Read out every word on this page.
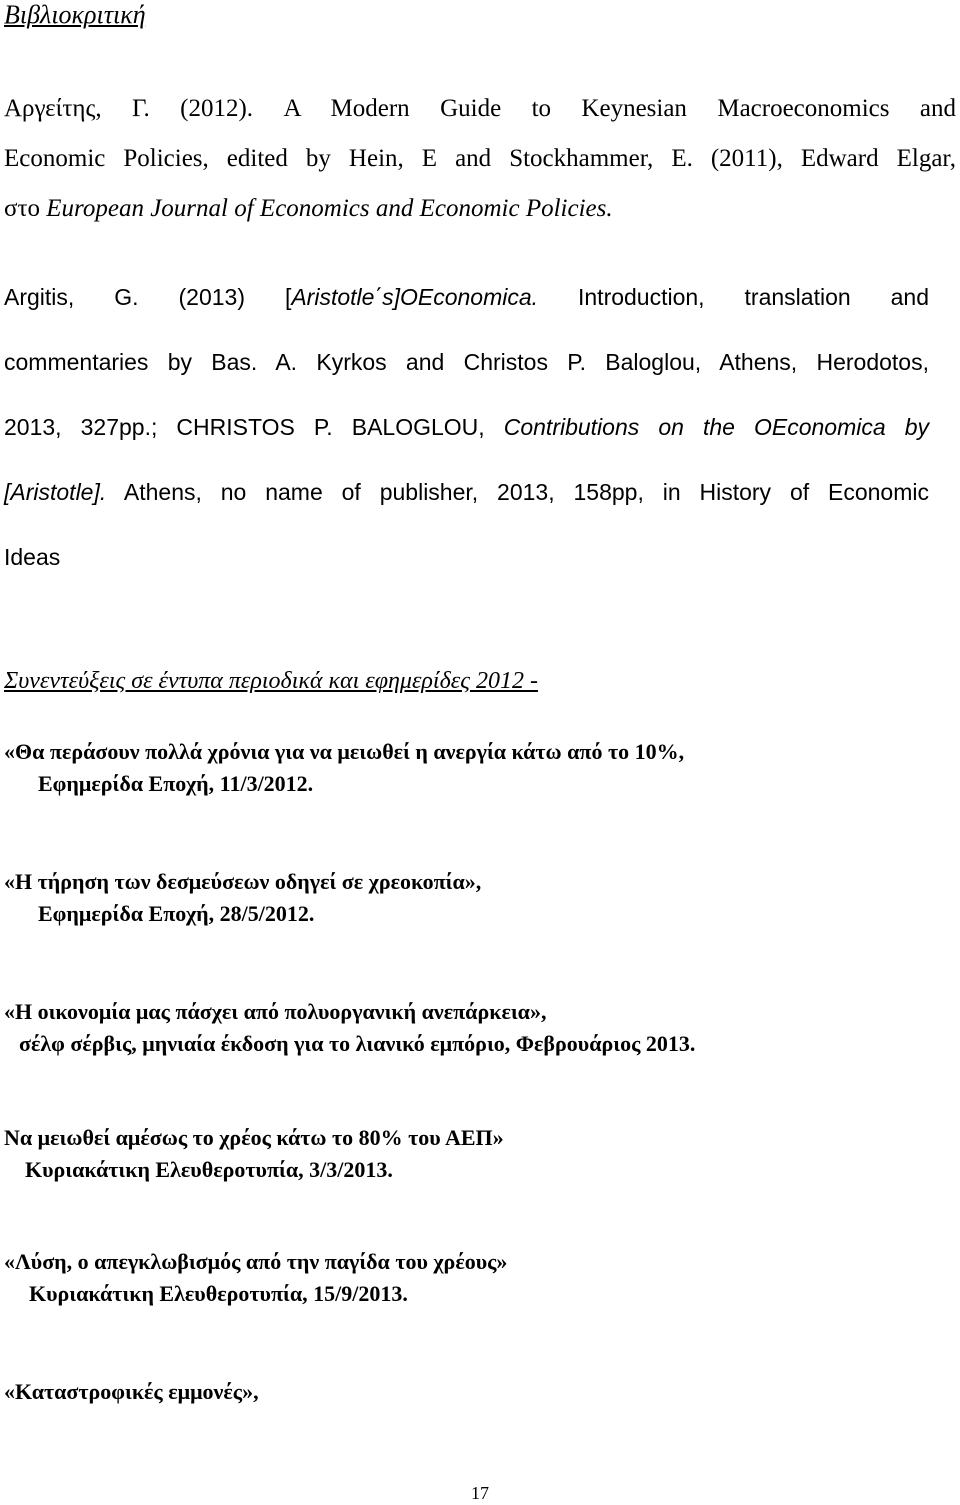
Βιβλιοκριτική
Αργείτης, Γ. (2012). A Modern Guide to Keynesian Macroeconomics and
Economic Policies, edited by Hein, E and Stockhammer, E. (2011), Edward Elgar,
στο European Journal of Economics and Economic Policies.
Argitis, G. (2013) [Aristotle΄s]OEconomica. Introduction, translation and
commentaries by Bas. A. Kyrkos and Christos P. Baloglou, Athens, Herodotos,
2013, 327pp.; CHRISTOS P. BALOGLOU, Contributions on the OEconomica by
[Aristotle]. Athens, no name of publisher, 2013, 158pp, in History of Economic
Ideas
Συνεντεύξεις σε έντυπα περιοδικά και εφημερίδες 2012 -
«Θα περάσουν πολλά χρόνια για να μειωθεί η ανεργία κάτω από το 10%,
Εφημερίδα Εποχή, 11/3/2012.
«Η τήρηση των δεσμεύσεων οδηγεί σε χρεοκοπία»,
Εφημερίδα Εποχή, 28/5/2012.
«Η οικονομία μας πάσχει από πολυοργανική ανεπάρκεια»,
σέλφ σέρβις, μηνιαία έκδοση για το λιανικό εμπόριο, Φεβρουάριος 2013.
Να μειωθεί αμέσως το χρέος κάτω το 80% του ΑΕΠ»
Κυριακάτικη Ελευθεροτυπία, 3/3/2013.
«Λύση, ο απεγκλωβισμός από την παγίδα του χρέους»
Κυριακάτικη Ελευθεροτυπία, 15/9/2013.
«Καταστροφικές εμμονές»,
17
